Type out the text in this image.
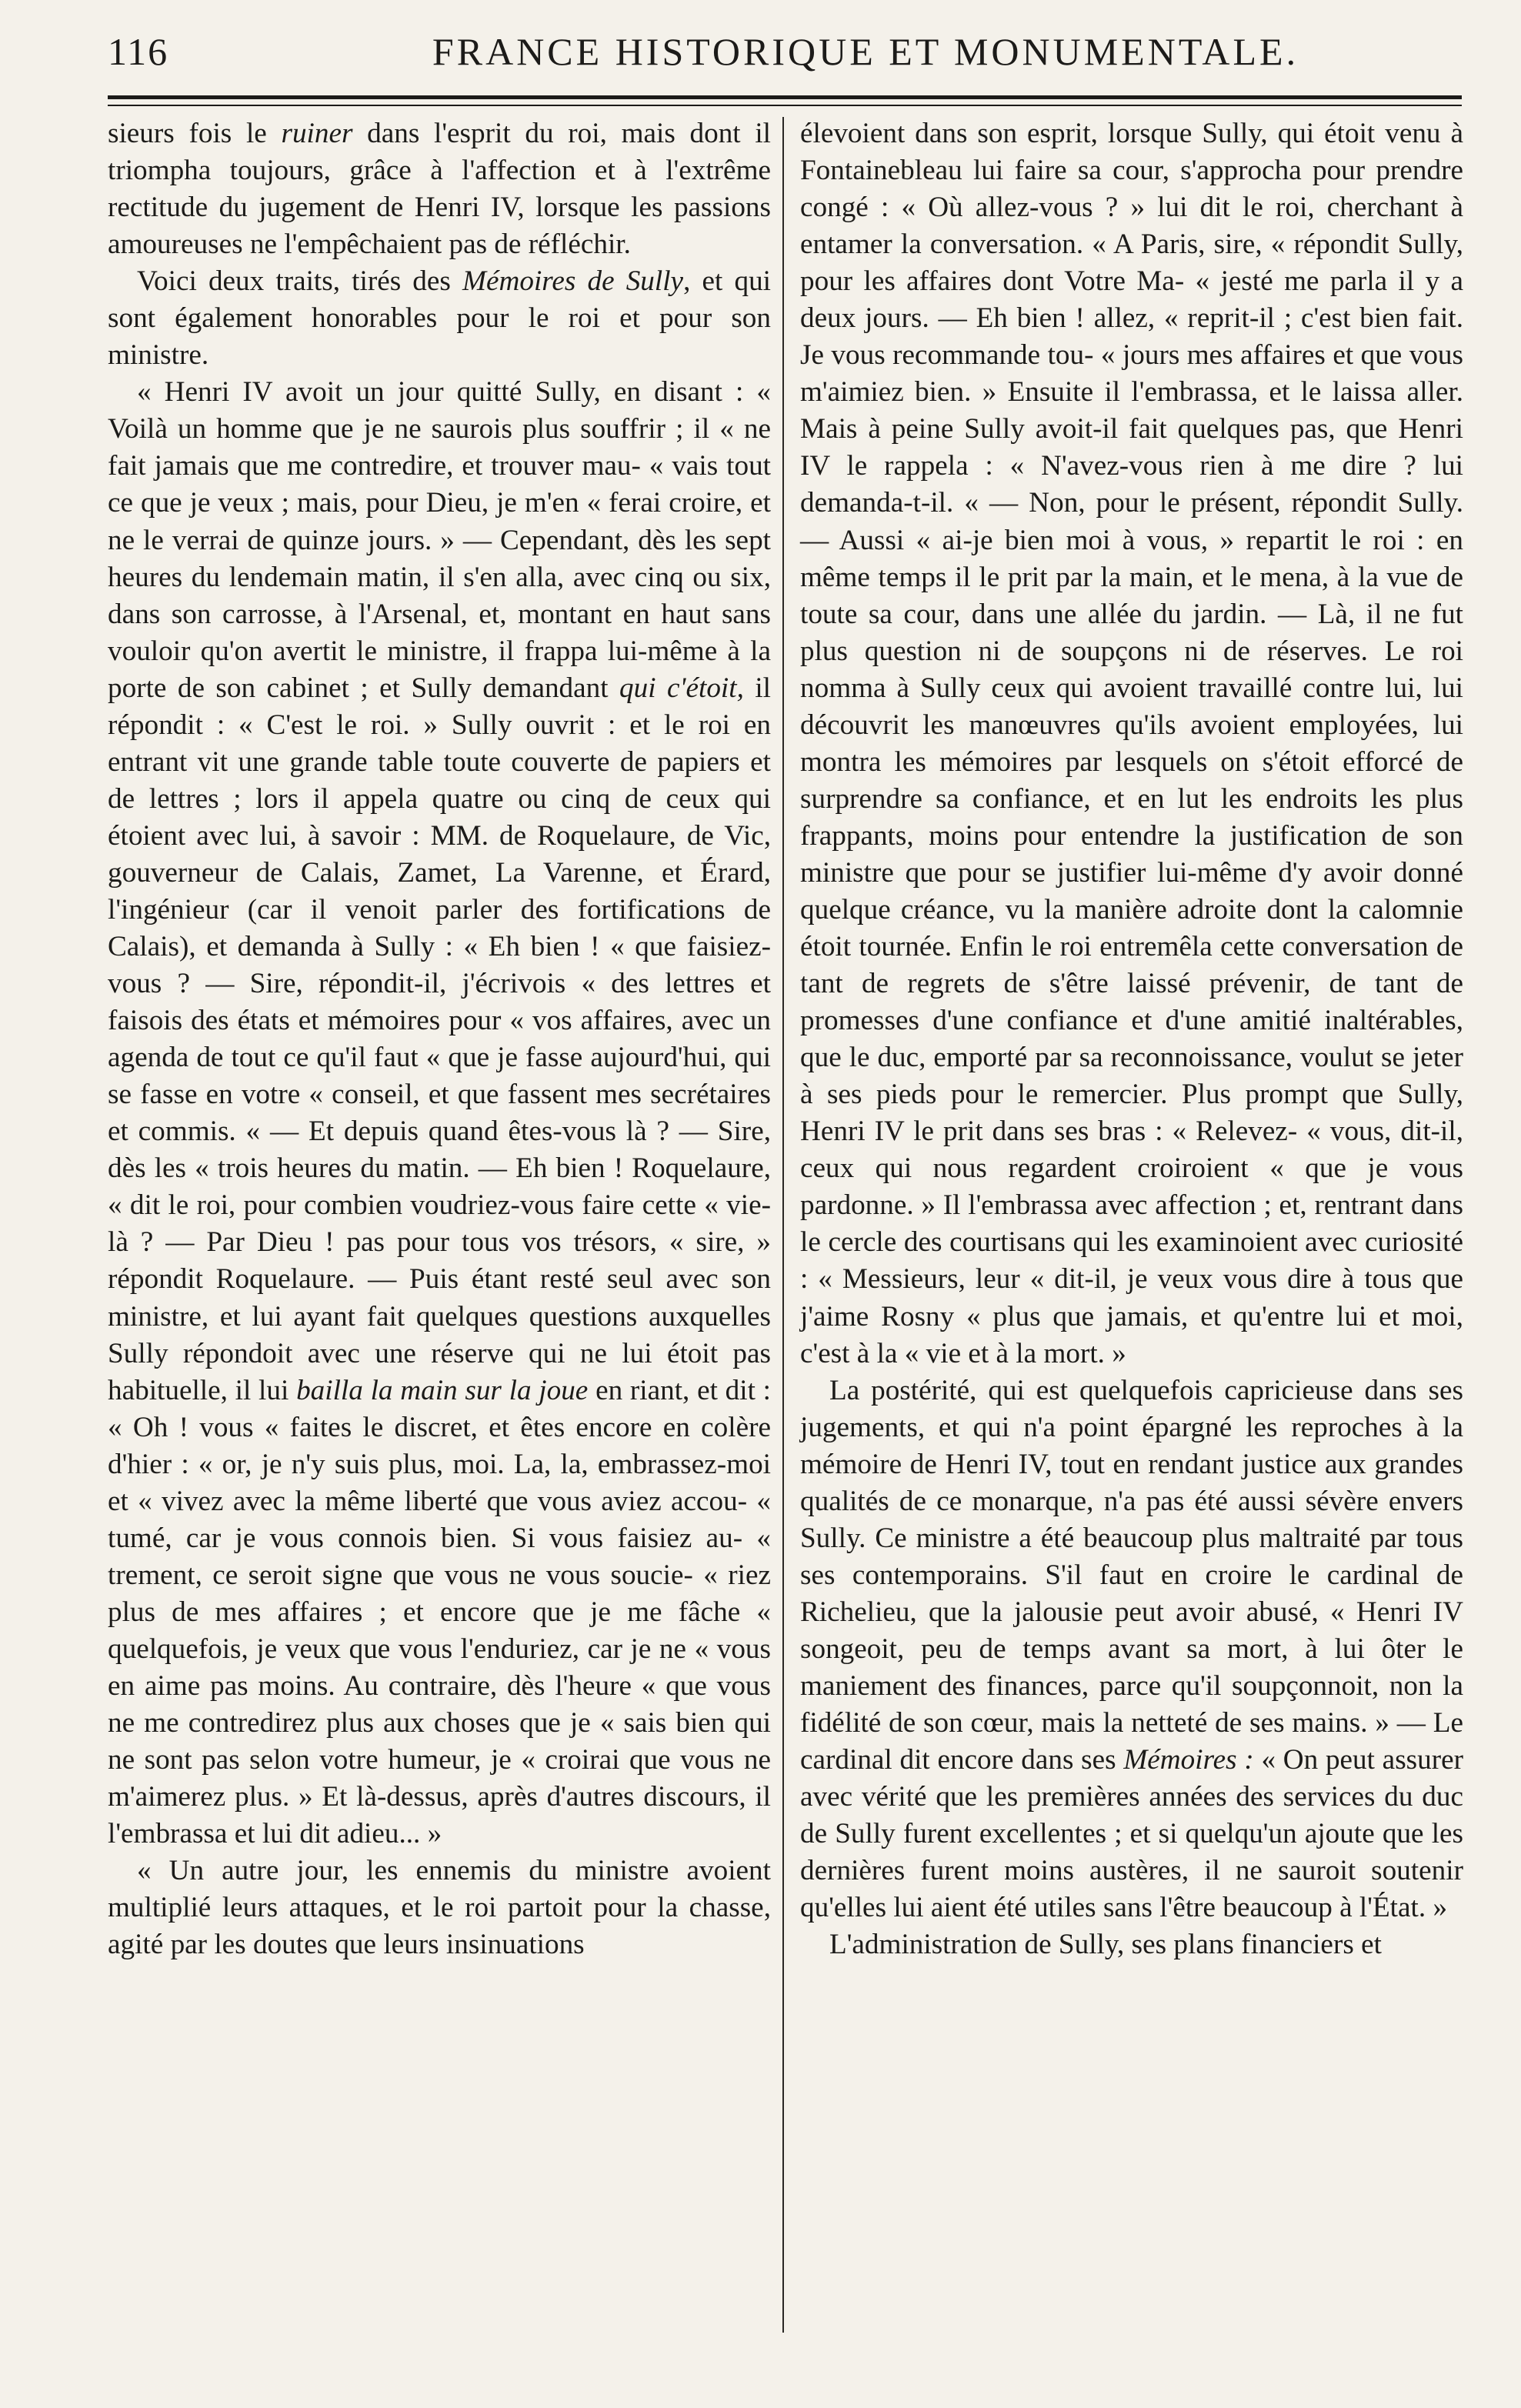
116	FRANCE HISTORIQUE ET MONUMENTALE.

sieurs fois le ruiner dans l'esprit du roi, mais dont il triompha toujours, grâce à l'affection et à l'extrême rectitude du jugement de Henri IV, lorsque les passions amoureuses ne l'empêchaient pas de réfléchir.

Voici deux traits, tirés des Mémoires de Sully, et qui sont également honorables pour le roi et pour son ministre.

« Henri IV avoit un jour quitté Sully, en disant : « Voilà un homme que je ne saurois plus souffrir ; il « ne fait jamais que me contredire, et trouver mau- « vais tout ce que je veux ; mais, pour Dieu, je m'en « ferai croire, et ne le verrai de quinze jours. » — Cependant, dès les sept heures du lendemain matin, il s'en alla, avec cinq ou six, dans son carrosse, à l'Arsenal, et, montant en haut sans vouloir qu'on avertit le ministre, il frappa lui-même à la porte de son cabinet ; et Sully demandant qui c'étoit, il répondit : « C'est le roi. » Sully ouvrit : et le roi en entrant vit une grande table toute couverte de papiers et de lettres ; lors il appela quatre ou cinq de ceux qui étoient avec lui, à savoir : MM. de Roquelaure, de Vic, gouverneur de Calais, Zamet, La Varenne, et Érard, l'ingénieur (car il venoit parler des fortifications de Calais), et demanda à Sully : « Eh bien ! « que faisiez-vous ? — Sire, répondit-il, j'écrivois « des lettres et faisois des états et mémoires pour « vos affaires, avec un agenda de tout ce qu'il faut « que je fasse aujourd'hui, qui se fasse en votre « conseil, et que fassent mes secrétaires et commis. « — Et depuis quand êtes-vous là ? — Sire, dès les « trois heures du matin. — Eh bien ! Roquelaure, « dit le roi, pour combien voudriez-vous faire cette « vie-là ? — Par Dieu ! pas pour tous vos trésors, « sire, » répondit Roquelaure. — Puis étant resté seul avec son ministre, et lui ayant fait quelques questions auxquelles Sully répondoit avec une réserve qui ne lui étoit pas habituelle, il lui bailla la main sur la joue en riant, et dit : « Oh ! vous « faites le discret, et êtes encore en colère d'hier : « or, je n'y suis plus, moi. La, la, embrassez-moi et « vivez avec la même liberté que vous aviez accou- « tumé, car je vous connois bien. Si vous faisiez au- « trement, ce seroit signe que vous ne vous soucie- « riez plus de mes affaires ; et encore que je me fâche « quelquefois, je veux que vous l'enduriez, car je ne « vous en aime pas moins. Au contraire, dès l'heure « que vous ne me contredirez plus aux choses que je « sais bien qui ne sont pas selon votre humeur, je « croirai que vous ne m'aimerez plus. » Et là-dessus, après d'autres discours, il l'embrassa et lui dit adieu... »

« Un autre jour, les ennemis du ministre avoient multiplié leurs attaques, et le roi partoit pour la chasse, agité par les doutes que leurs insinuations

élevoient dans son esprit, lorsque Sully, qui étoit venu à Fontainebleau lui faire sa cour, s'approcha pour prendre congé : « Où allez-vous ? » lui dit le roi, cherchant à entamer la conversation. « A Paris, sire, « répondit Sully, pour les affaires dont Votre Ma- « jesté me parla il y a deux jours. — Eh bien ! allez, « reprit-il ; c'est bien fait. Je vous recommande tou- « jours mes affaires et que vous m'aimiez bien. » Ensuite il l'embrassa, et le laissa aller. Mais à peine Sully avoit-il fait quelques pas, que Henri IV le rappela : « N'avez-vous rien à me dire ? lui demanda-t-il. « — Non, pour le présent, répondit Sully. — Aussi « ai-je bien moi à vous, » repartit le roi : en même temps il le prit par la main, et le mena, à la vue de toute sa cour, dans une allée du jardin. — Là, il ne fut plus question ni de soupçons ni de réserves. Le roi nomma à Sully ceux qui avoient travaillé contre lui, lui découvrit les manœuvres qu'ils avoient employées, lui montra les mémoires par lesquels on s'étoit efforcé de surprendre sa confiance, et en lut les endroits les plus frappants, moins pour entendre la justification de son ministre que pour se justifier lui-même d'y avoir donné quelque créance, vu la manière adroite dont la calomnie étoit tournée. Enfin le roi entremêla cette conversation de tant de regrets de s'être laissé prévenir, de tant de promesses d'une confiance et d'une amitié inaltérables, que le duc, emporté par sa reconnoissance, voulut se jeter à ses pieds pour le remercier. Plus prompt que Sully, Henri IV le prit dans ses bras : « Relevez- « vous, dit-il, ceux qui nous regardent croiroient « que je vous pardonne. » Il l'embrassa avec affection ; et, rentrant dans le cercle des courtisans qui les examinoient avec curiosité : « Messieurs, leur « dit-il, je veux vous dire à tous que j'aime Rosny « plus que jamais, et qu'entre lui et moi, c'est à la « vie et à la mort. »

La postérité, qui est quelquefois capricieuse dans ses jugements, et qui n'a point épargné les reproches à la mémoire de Henri IV, tout en rendant justice aux grandes qualités de ce monarque, n'a pas été aussi sévère envers Sully. Ce ministre a été beaucoup plus maltraité par tous ses contemporains. S'il faut en croire le cardinal de Richelieu, que la jalousie peut avoir abusé, « Henri IV songeoit, peu de temps avant sa mort, à lui ôter le maniement des finances, parce qu'il soupçonnoit, non la fidélité de son cœur, mais la netteté de ses mains. » — Le cardinal dit encore dans ses Mémoires : « On peut assurer avec vérité que les premières années des services du duc de Sully furent excellentes ; et si quelqu'un ajoute que les dernières furent moins austères, il ne sauroit soutenir qu'elles lui aient été utiles sans l'être beaucoup à l'État. »

L'administration de Sully, ses plans financiers et
